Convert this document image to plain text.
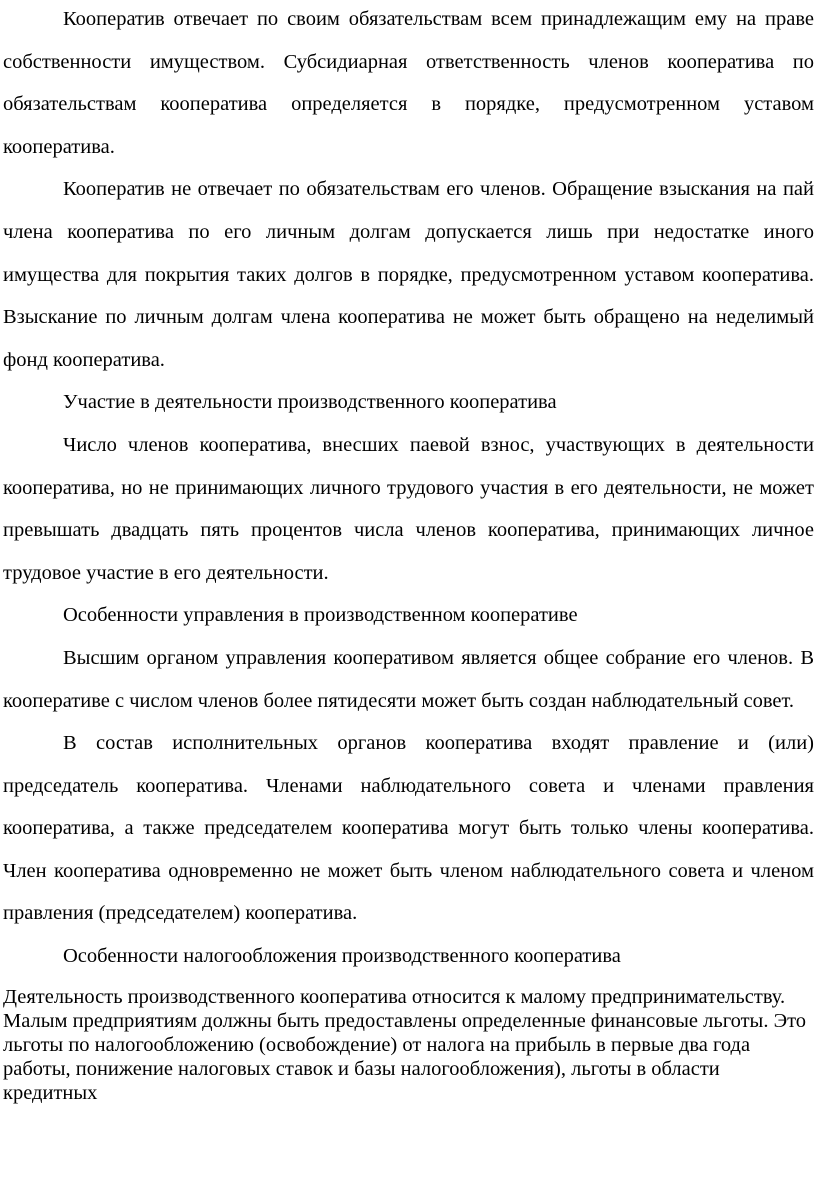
Кооператив отвечает по своим обязательствам всем принадлежащим ему на праве собственности имуществом. Субсидиарная ответственность членов кооператива по обязательствам кооператива определяется в порядке, предусмотренном уставом кооператива.

Кооператив не отвечает по обязательствам его членов. Обращение взыскания на пай члена кооператива по его личным долгам допускается лишь при недостатке иного имущества для покрытия таких долгов в порядке, предусмотренном уставом кооператива. Взыскание по личным долгам члена кооператива не может быть обращено на неделимый фонд кооператива.

Участие в деятельности производственного кооператива

Число членов кооператива, внесших паевой взнос, участвующих в деятельности кооператива, но не принимающих личного трудового участия в его деятельности, не может превышать двадцать пять процентов числа членов кооператива, принимающих личное трудовое участие в его деятельности.

Особенности управления в производственном кооперативе

Высшим органом управления кооперативом является общее собрание его членов. В кооперативе с числом членов более пятидесяти может быть создан наблюдательный совет.

В состав исполнительных органов кооператива входят правление и (или) председатель кооператива. Членами наблюдательного совета и членами правления кооператива, а также председателем кооператива могут быть только члены кооператива. Член кооператива одновременно не может быть членом наблюдательного совета и членом правления (председателем) кооператива.

Особенности налогообложения производственного кооператива

Деятельность производственного кооператива относится к малому предпринимательству. Малым предприятиям должны быть предоставлены определенные финансовые льготы. Это льготы по налогообложению (освобождение) от налога на прибыль в первые два года работы, понижение налоговых ставок и базы налогообложения), льготы в области кредитных
